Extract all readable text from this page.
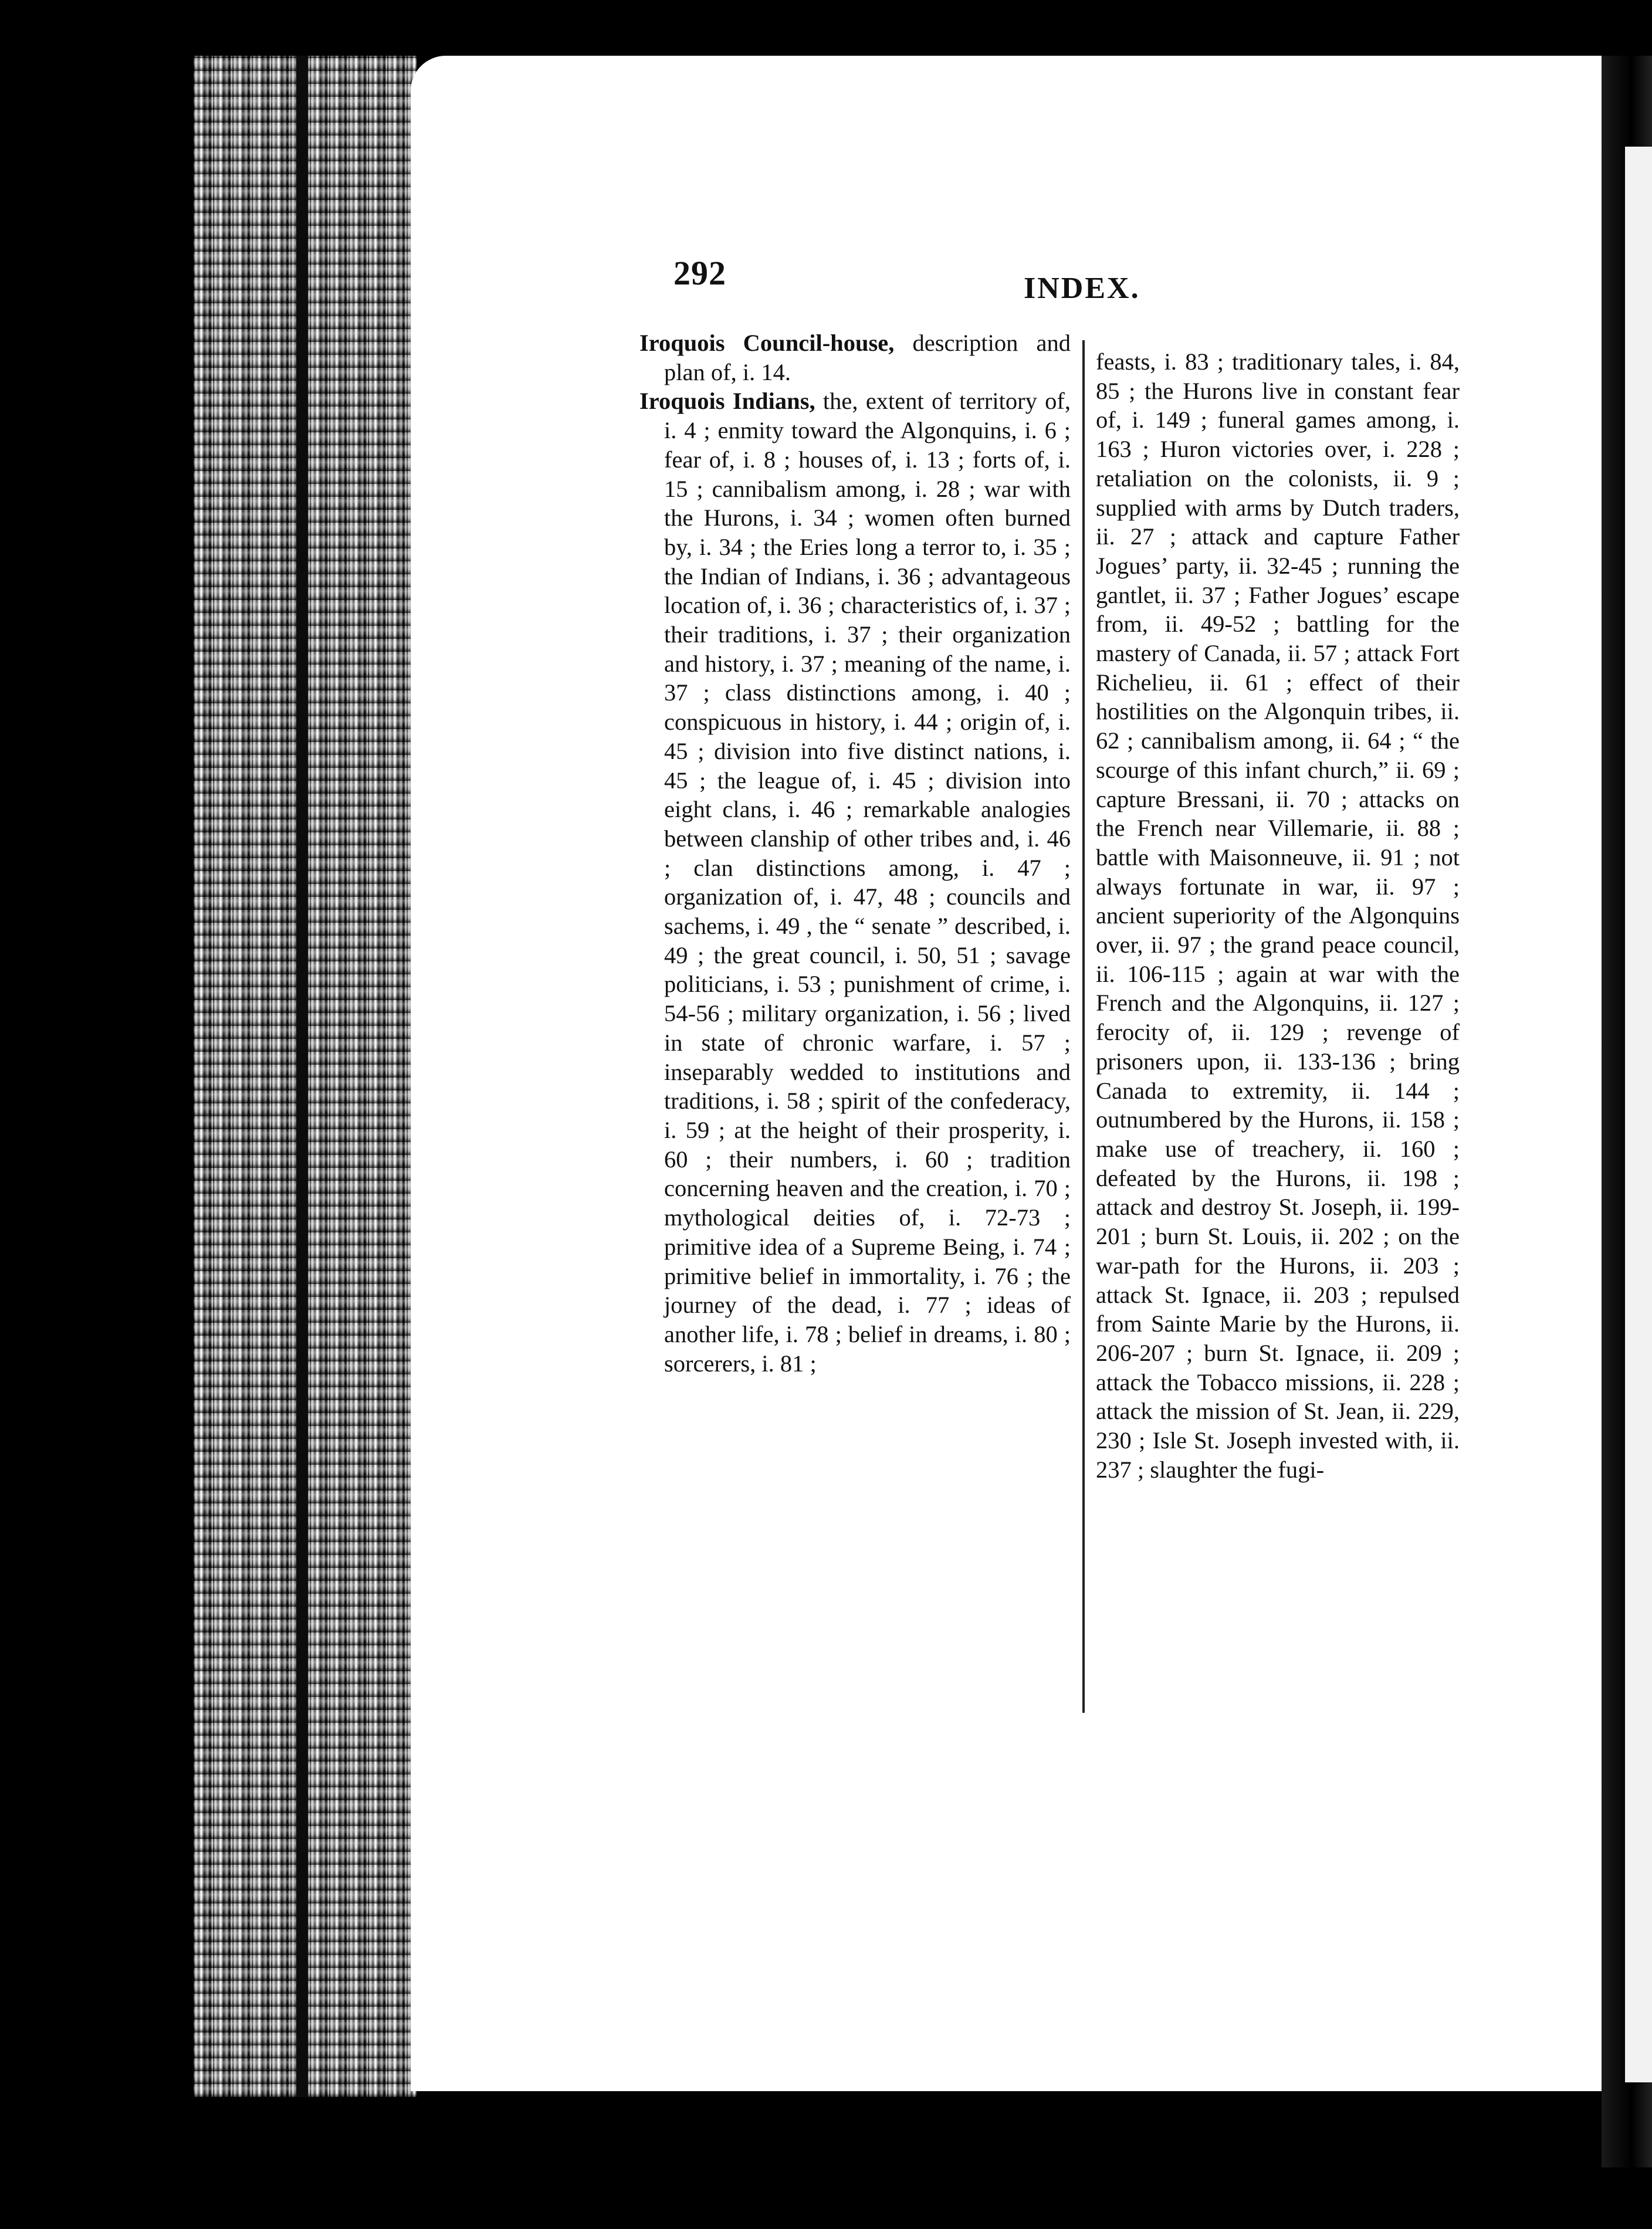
292	INDEX.

Iroquois Council-house, description and plan of, i. 14.

Iroquois Indians, the, extent of territory of, i. 4 ; enmity toward the Algonquins, i. 6 ; fear of, i. 8 ; houses of, i. 13 ; forts of, i. 15 ; cannibalism among, i. 28 ; war with the Hurons, i. 34 ; women often burned by, i. 34 ; the Eries long a terror to, i. 35 ; the Indian of Indians, i. 36 ; advantageous location of, i. 36 ; characteristics of, i. 37 ; their traditions, i. 37 ; their organization and history, i. 37 ; meaning of the name, i. 37 ; class distinctions among, i. 40 ; conspicuous in history, i. 44 ; origin of, i. 45 ; division into five distinct nations, i. 45 ; the league of, i. 45 ; division into eight clans, i. 46 ; remarkable analogies between clanship of other tribes and, i. 46 ; clan distinctions among, i. 47 ; organization of, i. 47, 48 ; councils and sachems, i. 49 , the “ senate ” described, i. 49 ; the great council, i. 50, 51 ; savage politicians, i. 53 ; punishment of crime, i. 54-56 ; military organization, i. 56 ; lived in state of chronic warfare, i. 57 ; inseparably wedded to institutions and traditions, i. 58 ; spirit of the confederacy, i. 59 ; at the height of their prosperity, i. 60 ; their numbers, i. 60 ; tradition concerning heaven and the creation, i. 70 ; mythological deities of, i. 72-73 ; primitive idea of a Supreme Being, i. 74 ; primitive belief in immortality, i. 76 ; the journey of the dead, i. 77 ; ideas of another life, i. 78 ; belief in dreams, i. 80 ; sorcerers, i. 81 ;

feasts, i. 83 ; traditionary tales, i. 84, 85 ; the Hurons live in constant fear of, i. 149 ; funeral games among, i. 163 ; Huron victories over, i. 228 ; retaliation on the colonists, ii. 9 ; supplied with arms by Dutch traders, ii. 27 ; attack and capture Father Jogues’ party, ii. 32-45 ; running the gantlet, ii. 37 ; Father Jogues’ escape from, ii. 49-52 ; battling for the mastery of Canada, ii. 57 ; attack Fort Richelieu, ii. 61 ; effect of their hostilities on the Algonquin tribes, ii. 62 ; cannibalism among, ii. 64 ; “ the scourge of this infant church,” ii. 69 ; capture Bressani, ii. 70 ; attacks on the French near Villemarie, ii. 88 ; battle with Maisonneuve, ii. 91 ; not always fortunate in war, ii. 97 ; ancient superiority of the Algonquins over, ii. 97 ; the grand peace council, ii. 106-115 ; again at war with the French and the Algonquins, ii. 127 ; ferocity of, ii. 129 ; revenge of prisoners upon, ii. 133-136 ; bring Canada to extremity, ii. 144 ; outnumbered by the Hurons, ii. 158 ; make use of treachery, ii. 160 ; defeated by the Hurons, ii. 198 ; attack and destroy St. Joseph, ii. 199-201 ; burn St. Louis, ii. 202 ; on the war-path for the Hurons, ii. 203 ; attack St. Ignace, ii. 203 ; repulsed from Sainte Marie by the Hurons, ii. 206-207 ; burn St. Ignace, ii. 209 ; attack the Tobacco missions, ii. 228 ; attack the mission of St. Jean, ii. 229, 230 ; Isle St. Joseph invested with, ii. 237 ; slaughter the fugi-
